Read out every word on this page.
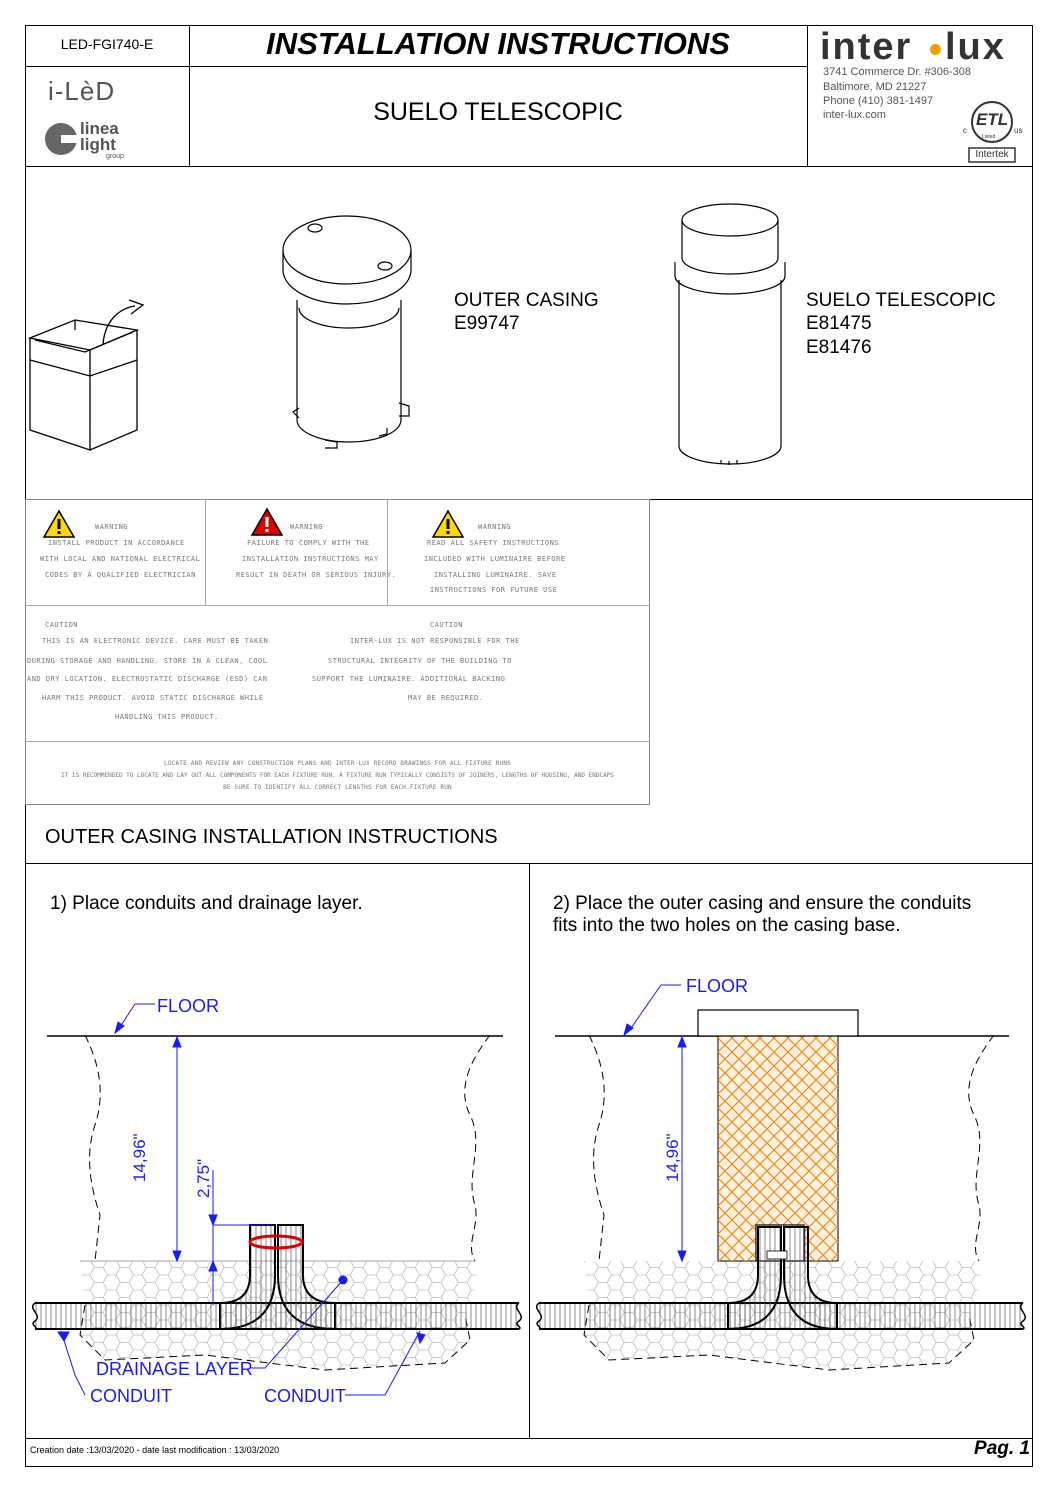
LED-FGI740-E	INSTALLATION INSTRUCTIONS
SUELO TELESCOPIC
i-LèD
linea
light
group
inter lux
3741 Commerce Dr. #306-308
Baltimore, MD 21227
Phone (410) 381-1497
inter-lux.com	ETL
c	us
Listed
Intertek
OUTER CASING
E99747
SUELO TELESCOPIC
E81475
E81476
WARNING
INSTALL PRODUCT IN ACCORDANCE
WITH LOCAL AND NATIONAL ELECTRICAL
CODES BY A QUALIFIED ELECTRICIAN
WARNING
FAILURE TO COMPLY WITH THE
INSTALLATION INSTRUCTIONS MAY
RESULT IN DEATH OR SERIOUS INJURY.
WARNING
READ ALL SAFETY INSTRUCTIONS
INCLUDED WITH LUMINAIRE BEFORE
INSTALLING LUMINAIRE. SAVE
INSTRUCTIONS FOR FUTURE USE
CAUTION
THIS IS AN ELECTRONIC DEVICE. CARE MUST BE TAKEN
DURING STORAGE AND HANDLING. STORE IN A CLEAN, COOL
AND DRY LOCATION. ELECTROSTATIC DISCHARGE (ESD) CAN
HARM THIS PRODUCT. AVOID STATIC DISCHARGE WHILE
HANDLING THIS PRODUCT.
CAUTION
INTER-LUX IS NOT RESPONSIBLE FOR THE
STRUCTURAL INTEGRITY OF THE BUILDING TO
SUPPORT THE LUMINAIRE. ADDITIONAL BACKING
MAY BE REQUIRED.
LOCATE AND REVIEW ANY CONSTRUCTION PLANS AND INTER-LUX RECORD DRAWINGS FOR ALL FIXTURE RUNS
IT IS RECOMMENDED TO LOCATE AND LAY OUT ALL COMPONENTS FOR EACH FIXTURE RUN. A FIXTURE RUN TYPICALLY CONSISTS OF JOINERS, LENGTHS OF HOUSING, AND ENDCAPS
BE SURE TO IDENTIFY ALL CORRECT LENGTHS FOR EACH FIXTURE RUN
OUTER CASING INSTALLATION INSTRUCTIONS
1) Place conduits and drainage layer.
FLOOR
14,96"	2,75"
DRAINAGE LAYER
CONDUIT	CONDUIT
2) Place the outer casing and ensure the conduits
fits into the two holes on the casing base.
FLOOR
14,96"
Creation date :13/03/2020 - date last modification : 13/03/2020	Pag. 1
